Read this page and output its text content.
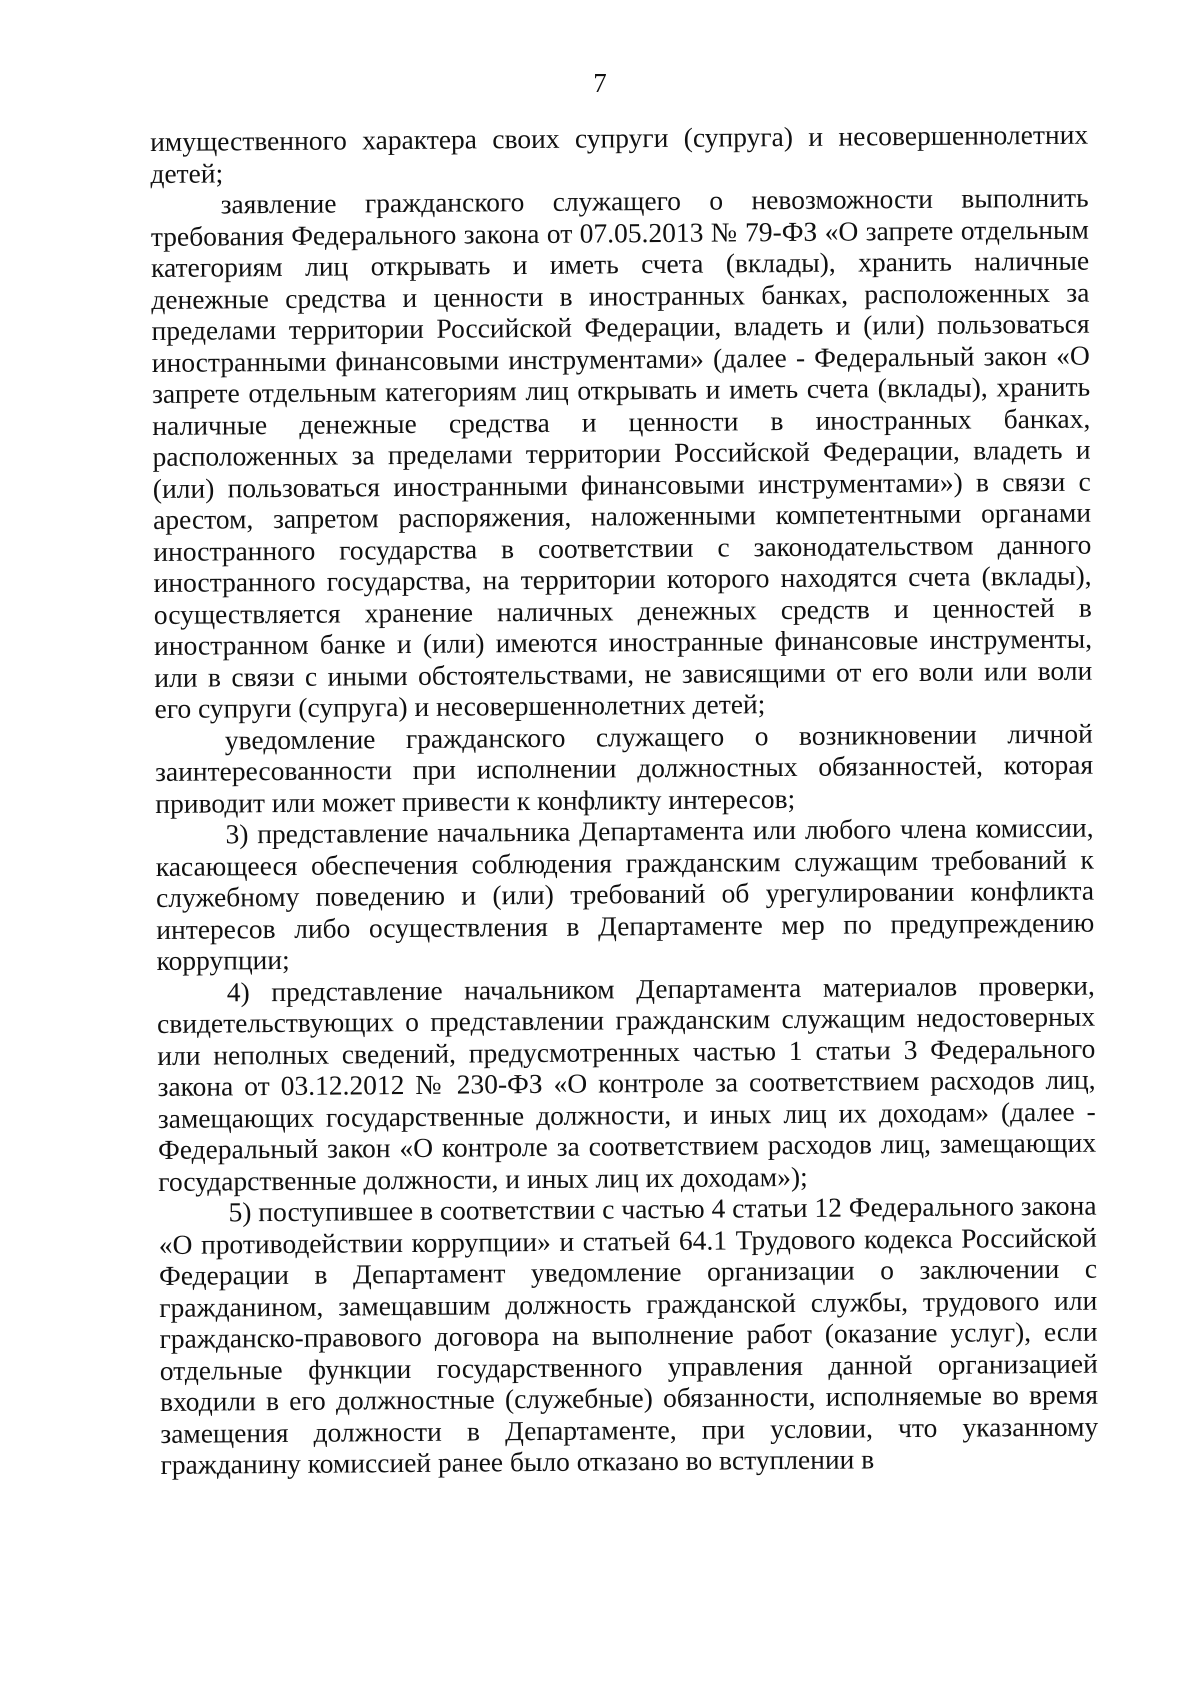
7

имущественного характера своих супруги (супруга) и несовершеннолетних детей;

заявление гражданского служащего о невозможности выполнить требования Федерального закона от 07.05.2013 № 79-ФЗ «О запрете отдельным категориям лиц открывать и иметь счета (вклады), хранить наличные денежные средства и ценности в иностранных банках, расположенных за пределами территории Российской Федерации, владеть и (или) пользоваться иностранными финансовыми инструментами» (далее - Федеральный закон «О запрете отдельным категориям лиц открывать и иметь счета (вклады), хранить наличные денежные средства и ценности в иностранных банках, расположенных за пределами территории Российской Федерации, владеть и (или) пользоваться иностранными финансовыми инструментами») в связи с арестом, запретом распоряжения, наложенными компетентными органами иностранного государства в соответствии с законодательством данного иностранного государства, на территории которого находятся счета (вклады), осуществляется хранение наличных денежных средств и ценностей в иностранном банке и (или) имеются иностранные финансовые инструменты, или в связи с иными обстоятельствами, не зависящими от его воли или воли его супруги (супруга) и несовершеннолетних детей;

уведомление гражданского служащего о возникновении личной заинтересованности при исполнении должностных обязанностей, которая приводит или может привести к конфликту интересов;

3) представление начальника Департамента или любого члена комиссии, касающееся обеспечения соблюдения гражданским служащим требований к служебному поведению и (или) требований об урегулировании конфликта интересов либо осуществления в Департаменте мер по предупреждению коррупции;

4) представление начальником Департамента материалов проверки, свидетельствующих о представлении гражданским служащим недостоверных или неполных сведений, предусмотренных частью 1 статьи 3 Федерального закона от 03.12.2012 № 230-ФЗ «О контроле за соответствием расходов лиц, замещающих государственные должности, и иных лиц их доходам» (далее - Федеральный закон «О контроле за соответствием расходов лиц, замещающих государственные должности, и иных лиц их доходам»);

5) поступившее в соответствии с частью 4 статьи 12 Федерального закона «О противодействии коррупции» и статьей 64.1 Трудового кодекса Российской Федерации в Департамент уведомление организации о заключении с гражданином, замещавшим должность гражданской службы, трудового или гражданско-правового договора на выполнение работ (оказание услуг), если отдельные функции государственного управления данной организацией входили в его должностные (служебные) обязанности, исполняемые во время замещения должности в Департаменте, при условии, что указанному гражданину комиссией ранее было отказано во вступлении в
